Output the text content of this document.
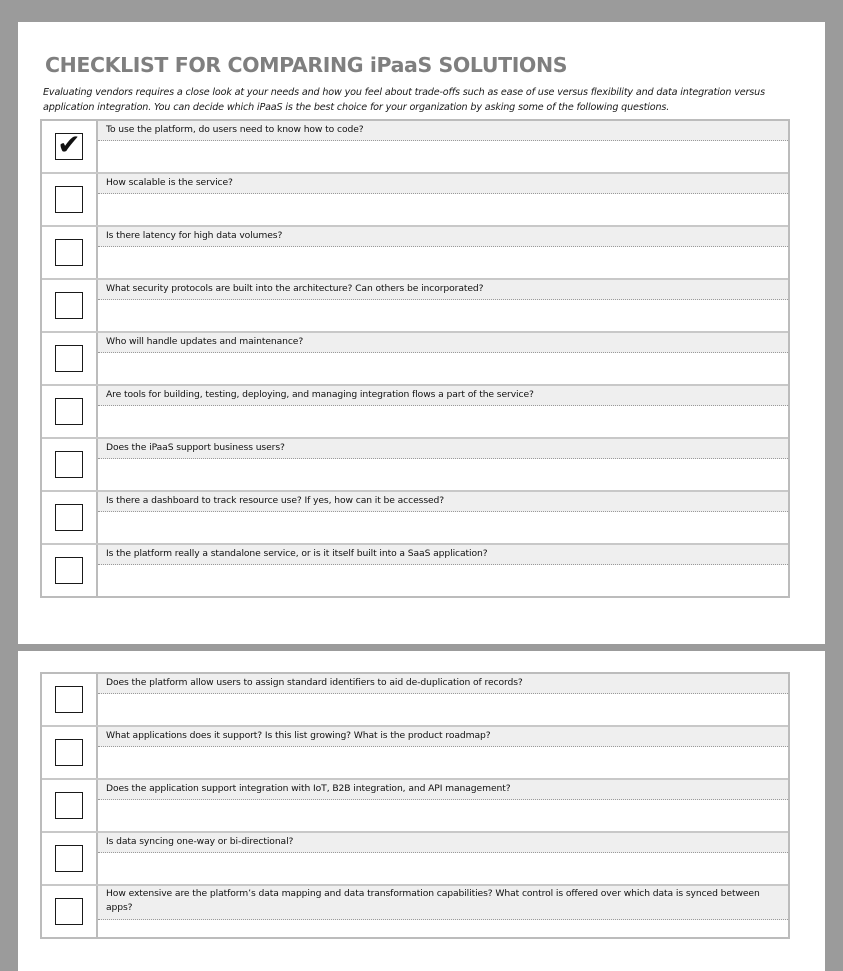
CHECKLIST FOR COMPARING iPaaS SOLUTIONS
Evaluating vendors requires a close look at your needs and how you feel about trade-offs such as ease of use versus flexibility and data integration versus application integration. You can decide which iPaaS is the best choice for your organization by asking some of the following questions.
✔	To use the platform, do users need to know how to code?
How scalable is the service?
Is there latency for high data volumes?
What security protocols are built into the architecture? Can others be incorporated?
Who will handle updates and maintenance?
Are tools for building, testing, deploying, and managing integration flows a part of the service?
Does the iPaaS support business users?
Is there a dashboard to track resource use? If yes, how can it be accessed?
Is the platform really a standalone service, or is it itself built into a SaaS application?
Does the platform allow users to assign standard identifiers to aid de-duplication of records?
What applications does it support? Is this list growing? What is the product roadmap?
Does the application support integration with IoT, B2B integration, and API management?
Is data syncing one-way or bi-directional?
How extensive are the platform’s data mapping and data transformation capabilities? What control is offered over which data is synced between apps?
